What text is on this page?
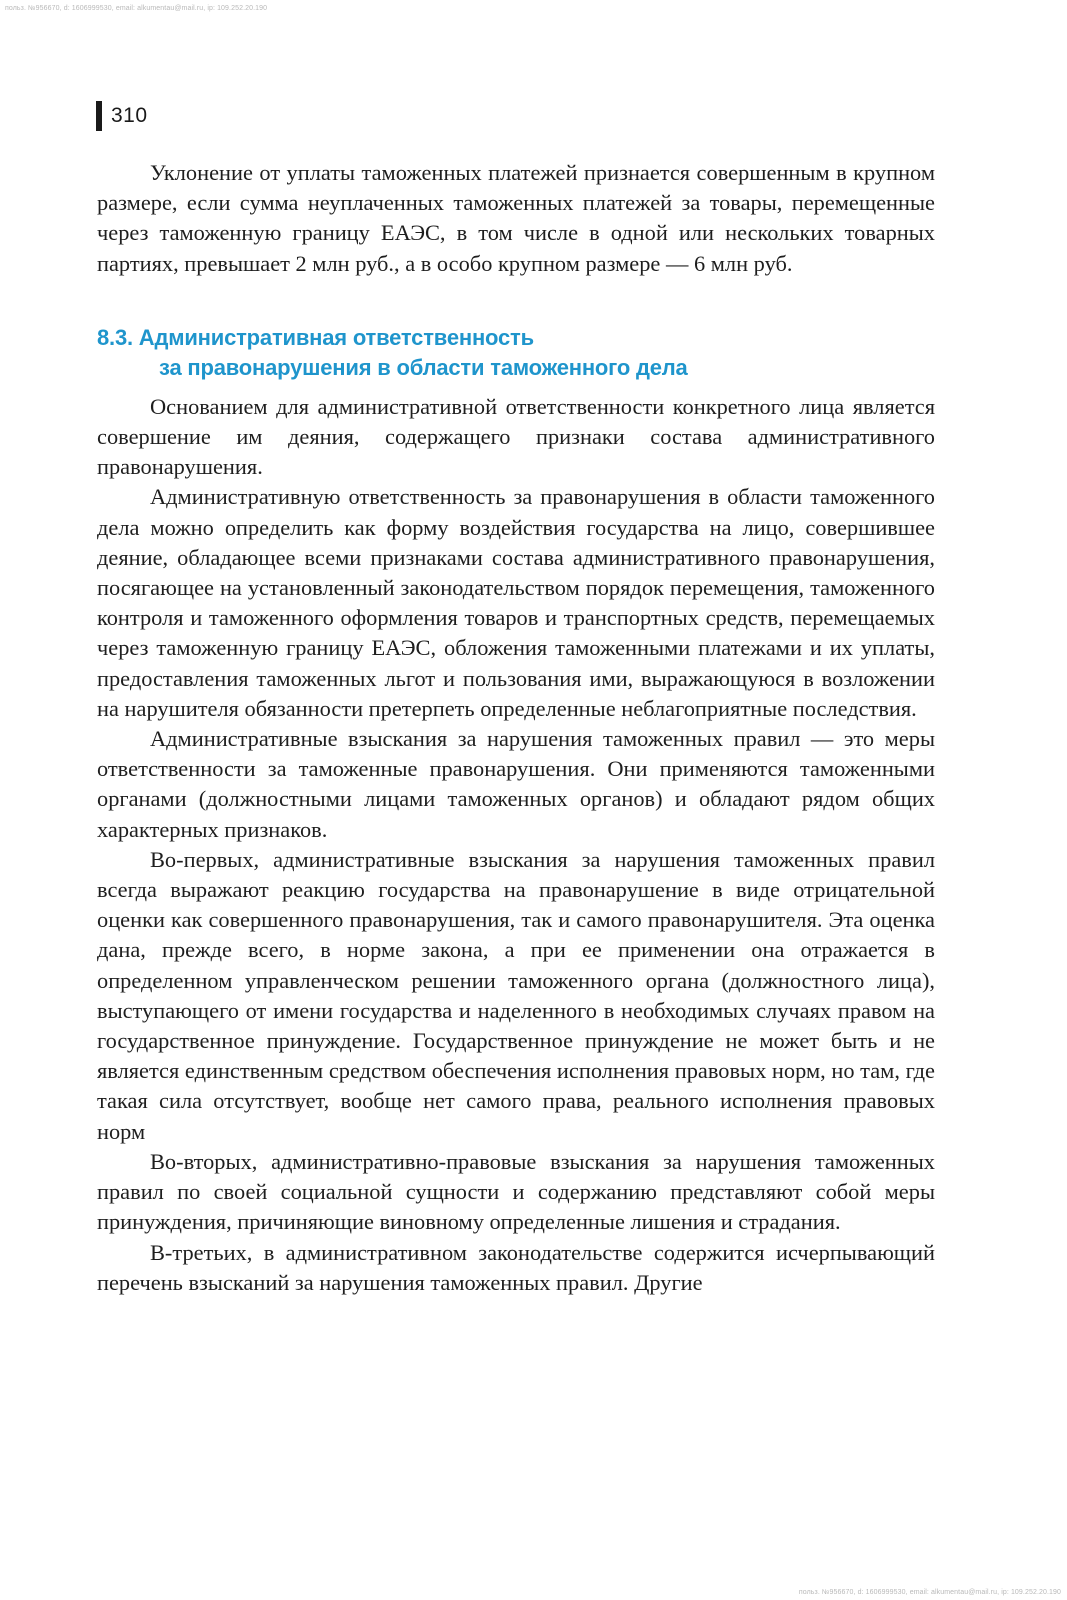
польз. №956670, d: 1606999530, email: alkumentau@mail.ru, ip: 109.252.20.190
310

Уклонение от уплаты таможенных платежей признается совершенным в крупном размере, если сумма неуплаченных таможенных платежей за товары, перемещенные через таможенную границу ЕАЭС, в том числе в одной или нескольких товарных партиях, превышает 2 млн руб., а в особо крупном размере — 6 млн руб.

8.3. Административная ответственность
за правонарушения в области таможенного дела

Основанием для административной ответственности конкретного лица является совершение им деяния, содержащего признаки состава административного правонарушения.

Административную ответственность за правонарушения в области таможенного дела можно определить как форму воздействия государства на лицо, совершившее деяние, обладающее всеми признаками состава административного правонарушения, посягающее на установленный законодательством порядок перемещения, таможенного контроля и таможенного оформления товаров и транспортных средств, перемещаемых через таможенную границу ЕАЭС, обложения таможенными платежами и их уплаты, предоставления таможенных льгот и пользования ими, выражающуюся в возложении на нарушителя обязанности претерпеть определенные неблагоприятные последствия.

Административные взыскания за нарушения таможенных правил — это меры ответственности за таможенные правонарушения. Они применяются таможенными органами (должностными лицами таможенных органов) и обладают рядом общих характерных признаков.

Во-первых, административные взыскания за нарушения таможенных правил всегда выражают реакцию государства на правонарушение в виде отрицательной оценки как совершенного правонарушения, так и самого правонарушителя. Эта оценка дана, прежде всего, в норме закона, а при ее применении она отражается в определенном управленческом решении таможенного органа (должностного лица), выступающего от имени государства и наделенного в необходимых случаях правом на государственное принуждение. Государственное принуждение не может быть и не является единственным средством обеспечения исполнения правовых норм, но там, где такая сила отсутствует, вообще нет самого права, реального исполнения правовых норм

Во-вторых, административно-правовые взыскания за нарушения таможенных правил по своей социальной сущности и содержанию представляют собой меры принуждения, причиняющие виновному определенные лишения и страдания.

В-третьих, в административном законодательстве содержится исчерпывающий перечень взысканий за нарушения таможенных правил. Другие

польз. №956670, d: 1606999530, email: alkumentau@mail.ru, ip: 109.252.20.190
